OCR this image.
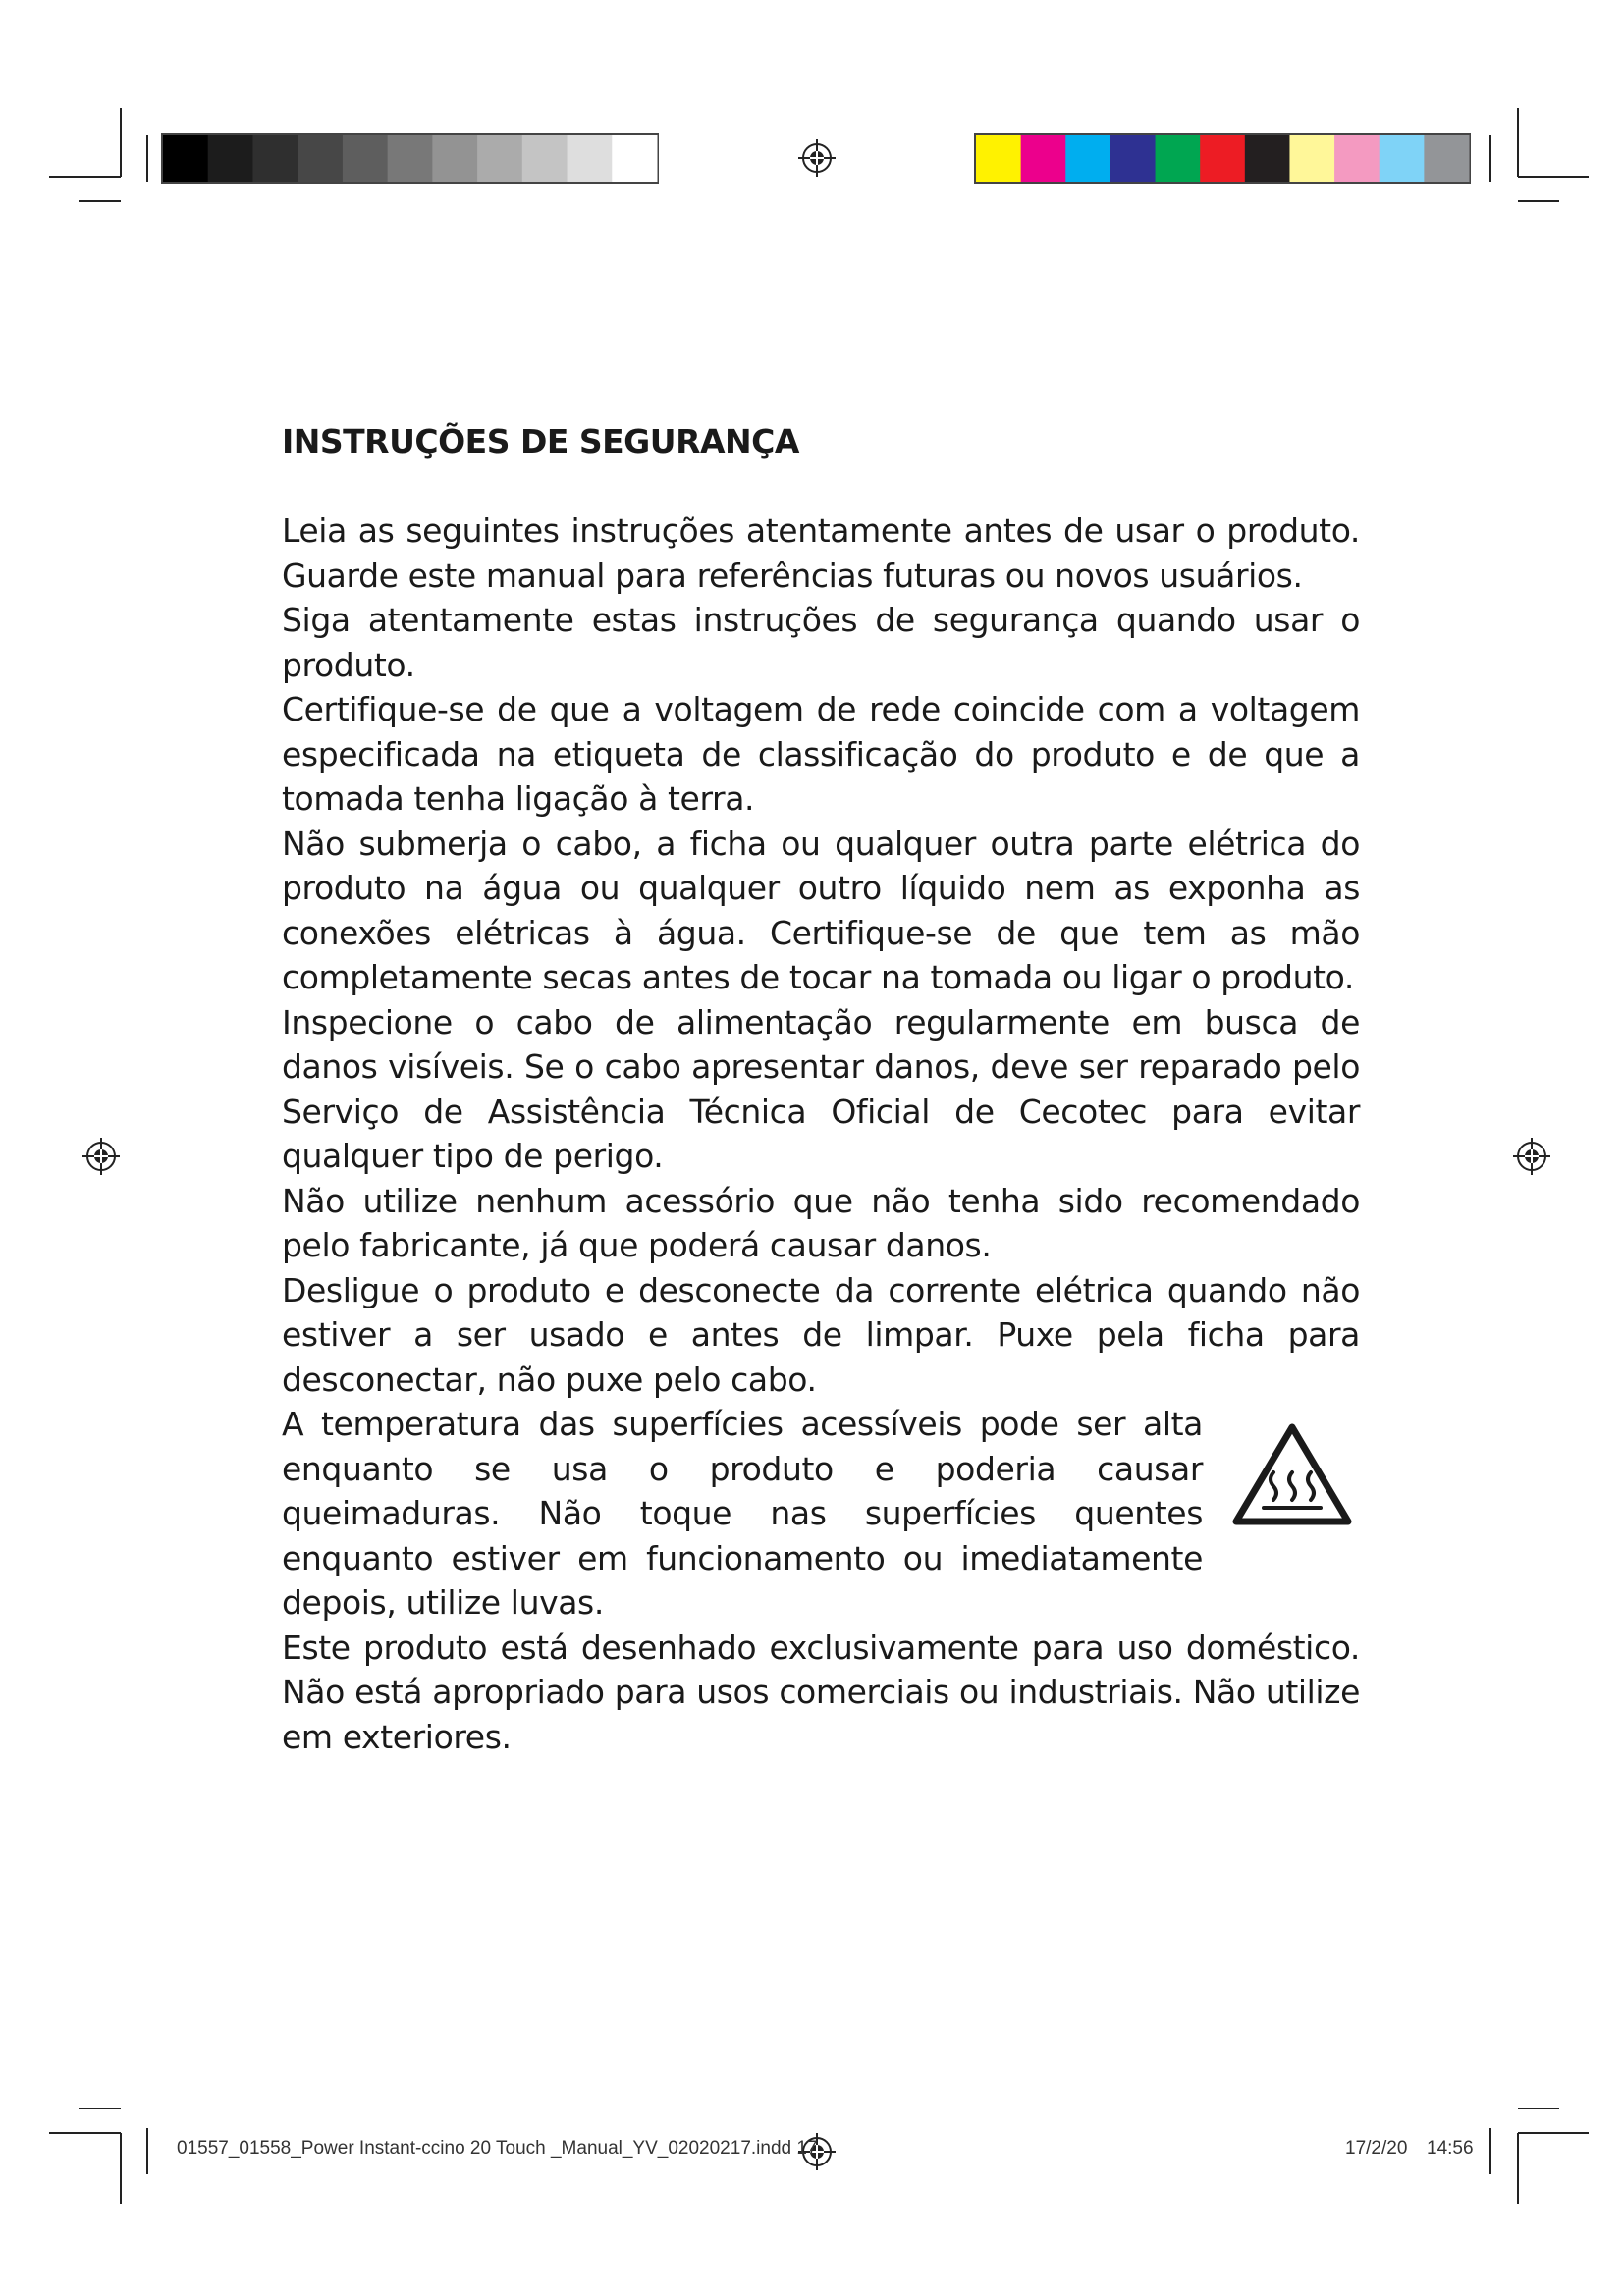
INSTRUÇÕES DE SEGURANÇA

Leia as seguintes instruções atentamente antes de usar o produto. Guarde este manual para referências futuras ou novos usuários.

Siga atentamente estas instruções de segurança quando usar o produto.

Certifique-se de que a voltagem de rede coincide com a voltagem especificada na etiqueta de classificação do produto e de que a tomada tenha ligação à terra.

Não submerja o cabo, a ficha ou qualquer outra parte elétrica do produto na água ou qualquer outro líquido nem as exponha as conexões elétricas à água. Certifique-se de que tem as mão completamente secas antes de tocar na tomada ou ligar o produto.

Inspecione o cabo de alimentação regularmente em busca de danos visíveis. Se o cabo apresentar danos, deve ser reparado pelo Serviço de Assistência Técnica Oficial de Cecotec para evitar qualquer tipo de perigo.

Não utilize nenhum acessório que não tenha sido recomendado pelo fabricante, já que poderá causar danos.

Desligue o produto e desconecte da corrente elétrica quando não estiver a ser usado e antes de limpar. Puxe pela ficha para desconectar, não puxe pelo cabo.

A temperatura das superfícies acessíveis pode ser alta enquanto se usa o produto e poderia causar queimaduras. Não toque nas superfícies quentes enquanto estiver em funcionamento ou imediatamente depois, utilize luvas.

Este produto está desenhado exclusivamente para uso doméstico. Não está apropriado para usos comerciais ou industriais. Não utilize em exteriores.

01557_01558_Power Instant-ccino 20 Touch _Manual_YV_02020217.indd 17	17/2/20 14:56
